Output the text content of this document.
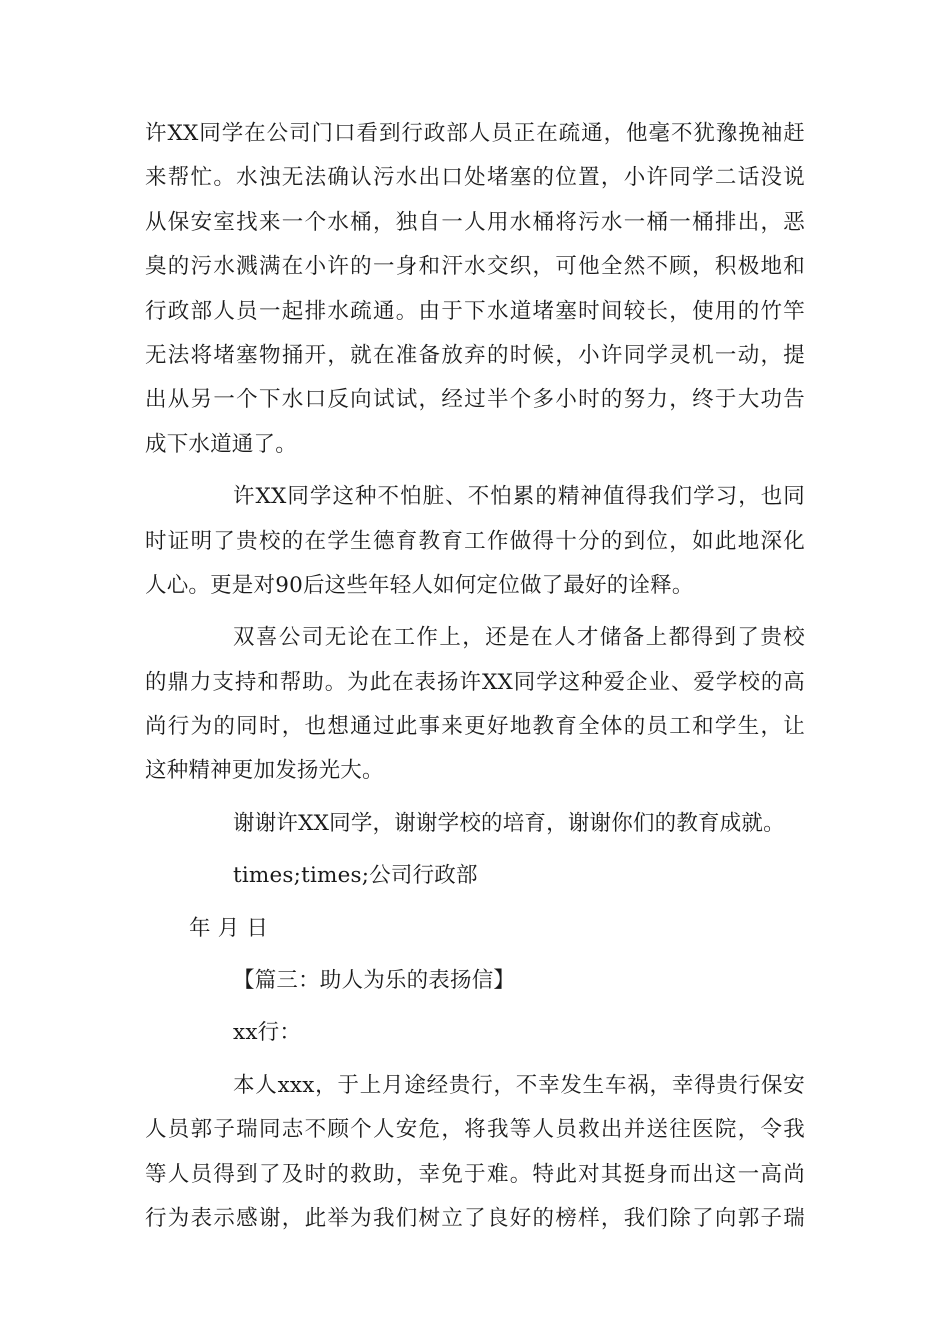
许XX同学在公司门口看到行政部人员正在疏通，他毫不犹豫挽袖赶
来帮忙。水浊无法确认污水出口处堵塞的位置，小许同学二话没说
从保安室找来一个水桶，独自一人用水桶将污水一桶一桶排出，恶
臭的污水溅满在小许的一身和汗水交织，可他全然不顾，积极地和
行政部人员一起排水疏通。由于下水道堵塞时间较长，使用的竹竿
无法将堵塞物捅开，就在准备放弃的时候，小许同学灵机一动，提
出从另一个下水口反向试试，经过半个多小时的努力，终于大功告
成下水道通了。
许XX同学这种不怕脏、不怕累的精神值得我们学习，也同
时证明了贵校的在学生德育教育工作做得十分的到位，如此地深化
人心。更是对90后这些年轻人如何定位做了最好的诠释。
双喜公司无论在工作上，还是在人才储备上都得到了贵校
的鼎力支持和帮助。为此在表扬许XX同学这种爱企业、爱学校的高
尚行为的同时，也想通过此事来更好地教育全体的员工和学生，让
这种精神更加发扬光大。
谢谢许XX同学，谢谢学校的培育，谢谢你们的教育成就。
times;times;公司行政部
年 月 日
【篇三：助人为乐的表扬信】
xx行：
本人xxx，于上月途经贵行，不幸发生车祸，幸得贵行保安
人员郭子瑞同志不顾个人安危，将我等人员救出并送往医院，令我
等人员得到了及时的救助，幸免于难。特此对其挺身而出这一高尚
行为表示感谢，此举为我们树立了良好的榜样，我们除了向郭子瑞
